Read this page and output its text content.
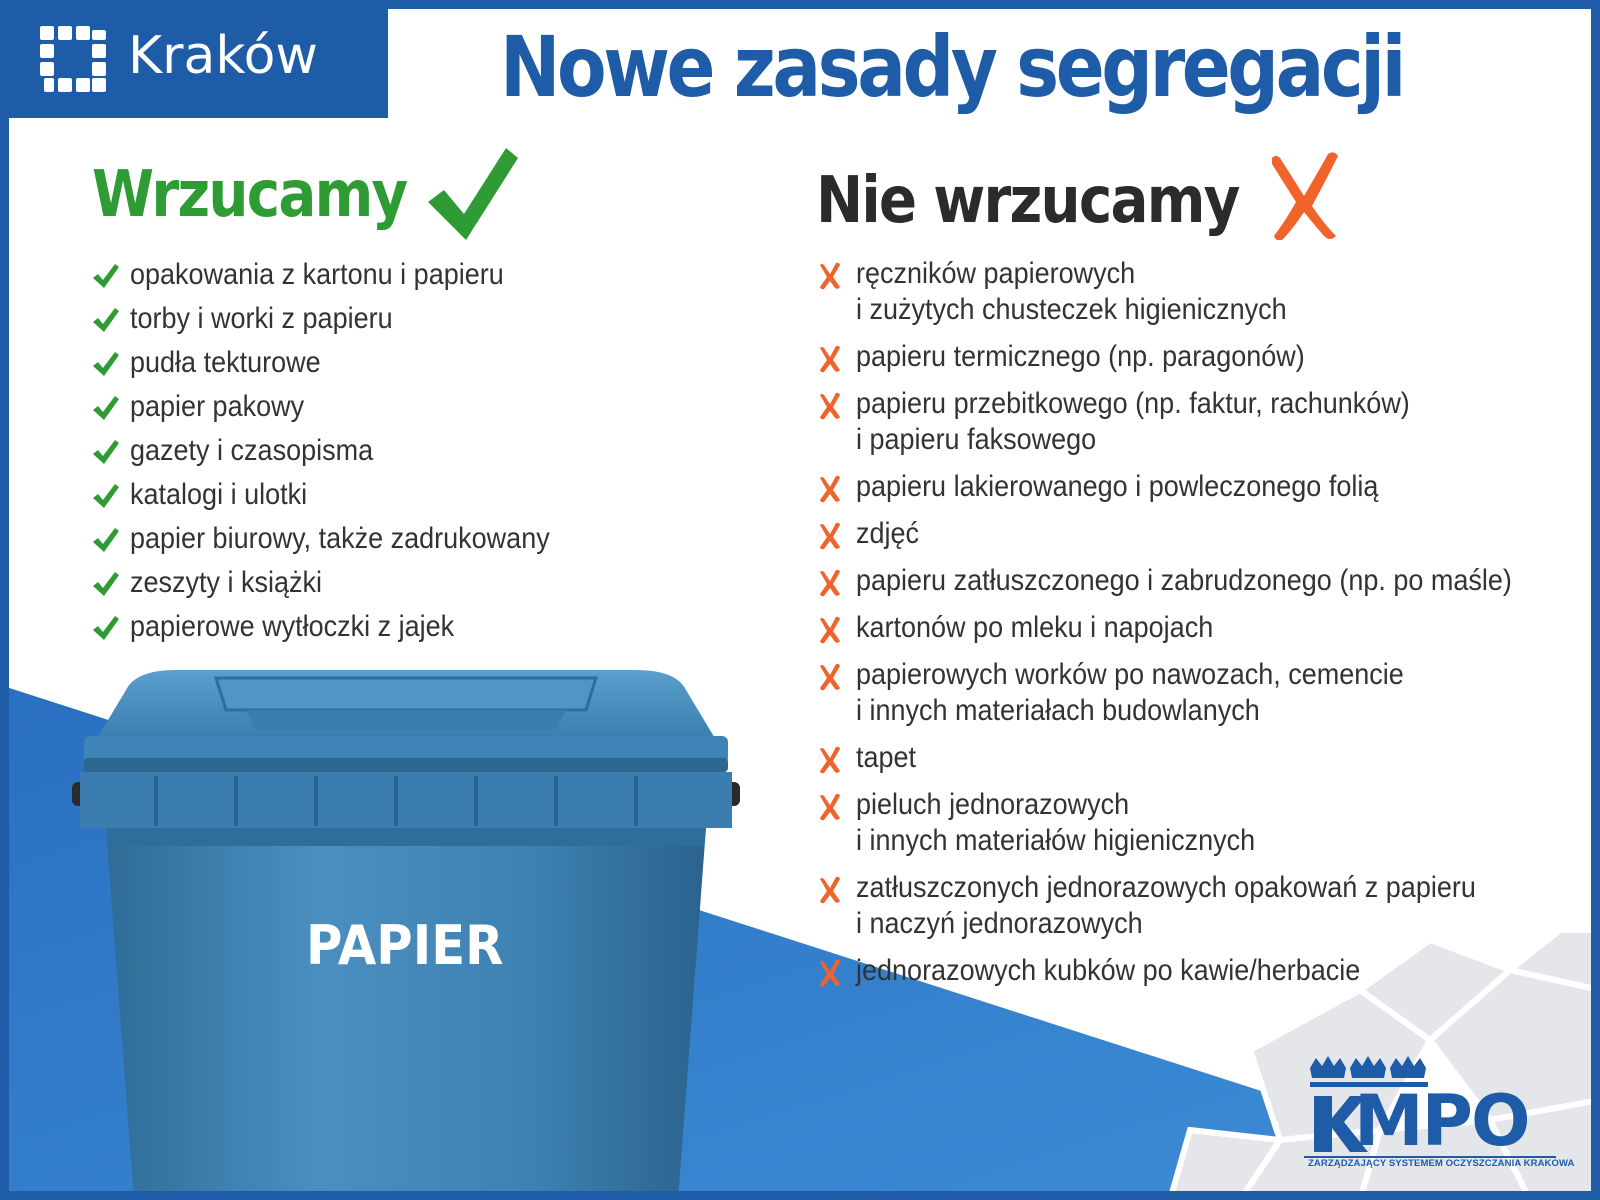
Kraków Nowe zasady segregacji
Wrzucamy	Nie wrzucamy
opakowania z kartonu i papieru
torby i worki z papieru
pudła tekturowe
papier pakowy
gazety i czasopisma
katalogi i ulotki
papier biurowy, także zadrukowany
zeszyty i książki
papierowe wytłoczki z jajek
ręczników papierowych
i zużytych chusteczek higienicznych
papieru termicznego (np. paragonów)
papieru przebitkowego (np. faktur, rachunków)
i papieru faksowego
papieru lakierowanego i powleczonego folią
zdjęć
papieru zatłuszczonego i zabrudzonego (np. po maśle)
kartonów po mleku i napojach
papierowych worków po nawozach, cemencie
i innych materiałach budowlanych
tapet
pieluch jednorazowych
i innych materiałów higienicznych
zatłuszczonych jednorazowych opakowań z papieru
i naczyń jednorazowych
jednorazowych kubków po kawie/herbacie
PAPIER
MPO
ZARZĄDZAJĄCY SYSTEMEM OCZYSZCZANIA KRAKOWA
